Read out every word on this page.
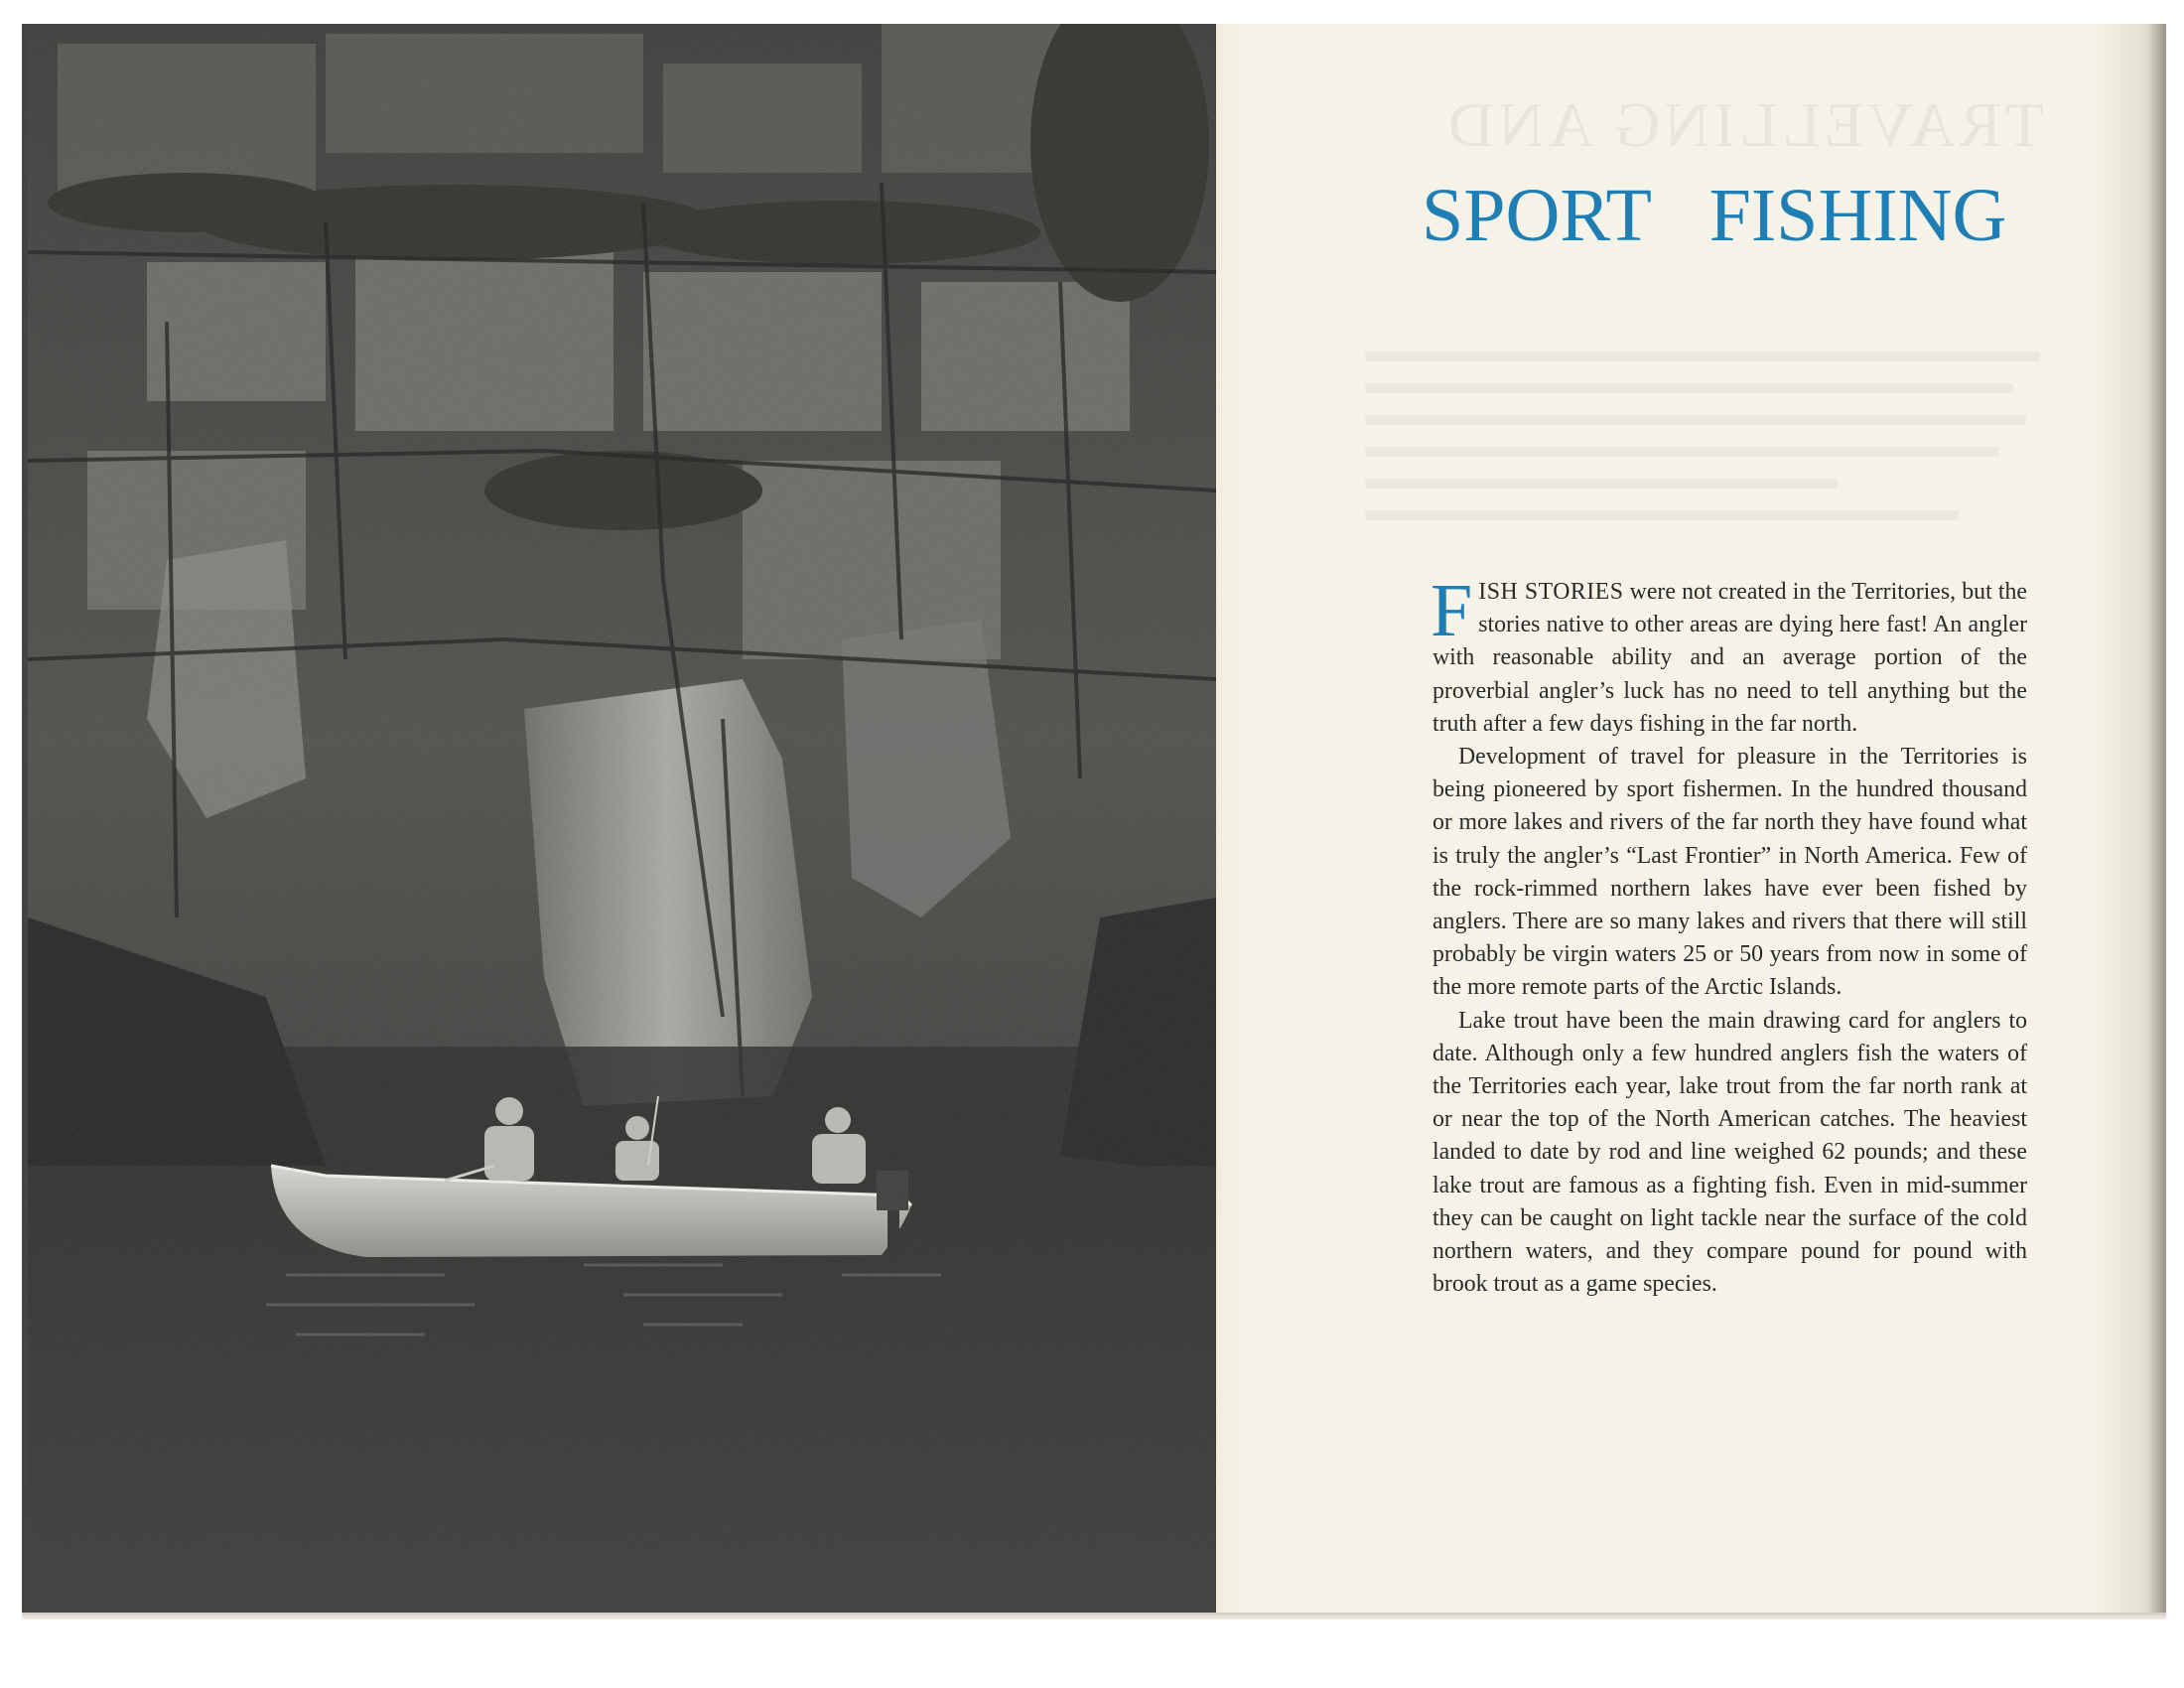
TRAVELLING AND
SPORT FISHING

FISH STORIES were not created in the Territories, but the stories native to other areas are dying here fast! An angler with reasonable ability and an average portion of the proverbial angler’s luck has no need to tell anything but the truth after a few days fishing in the far north.

Development of travel for pleasure in the Territories is being pioneered by sport fishermen. In the hundred thousand or more lakes and rivers of the far north they have found what is truly the angler’s “Last Frontier” in North America. Few of the rock-rimmed northern lakes have ever been fished by anglers. There are so many lakes and rivers that there will still probably be virgin waters 25 or 50 years from now in some of the more remote parts of the Arctic Islands.

Lake trout have been the main drawing card for anglers to date. Although only a few hundred anglers fish the waters of the Territories each year, lake trout from the far north rank at or near the top of the North American catches. The heaviest landed to date by rod and line weighed 62 pounds; and these lake trout are famous as a fighting fish. Even in mid-summer they can be caught on light tackle near the surface of the cold northern waters, and they compare pound for pound with brook trout as a game species.
